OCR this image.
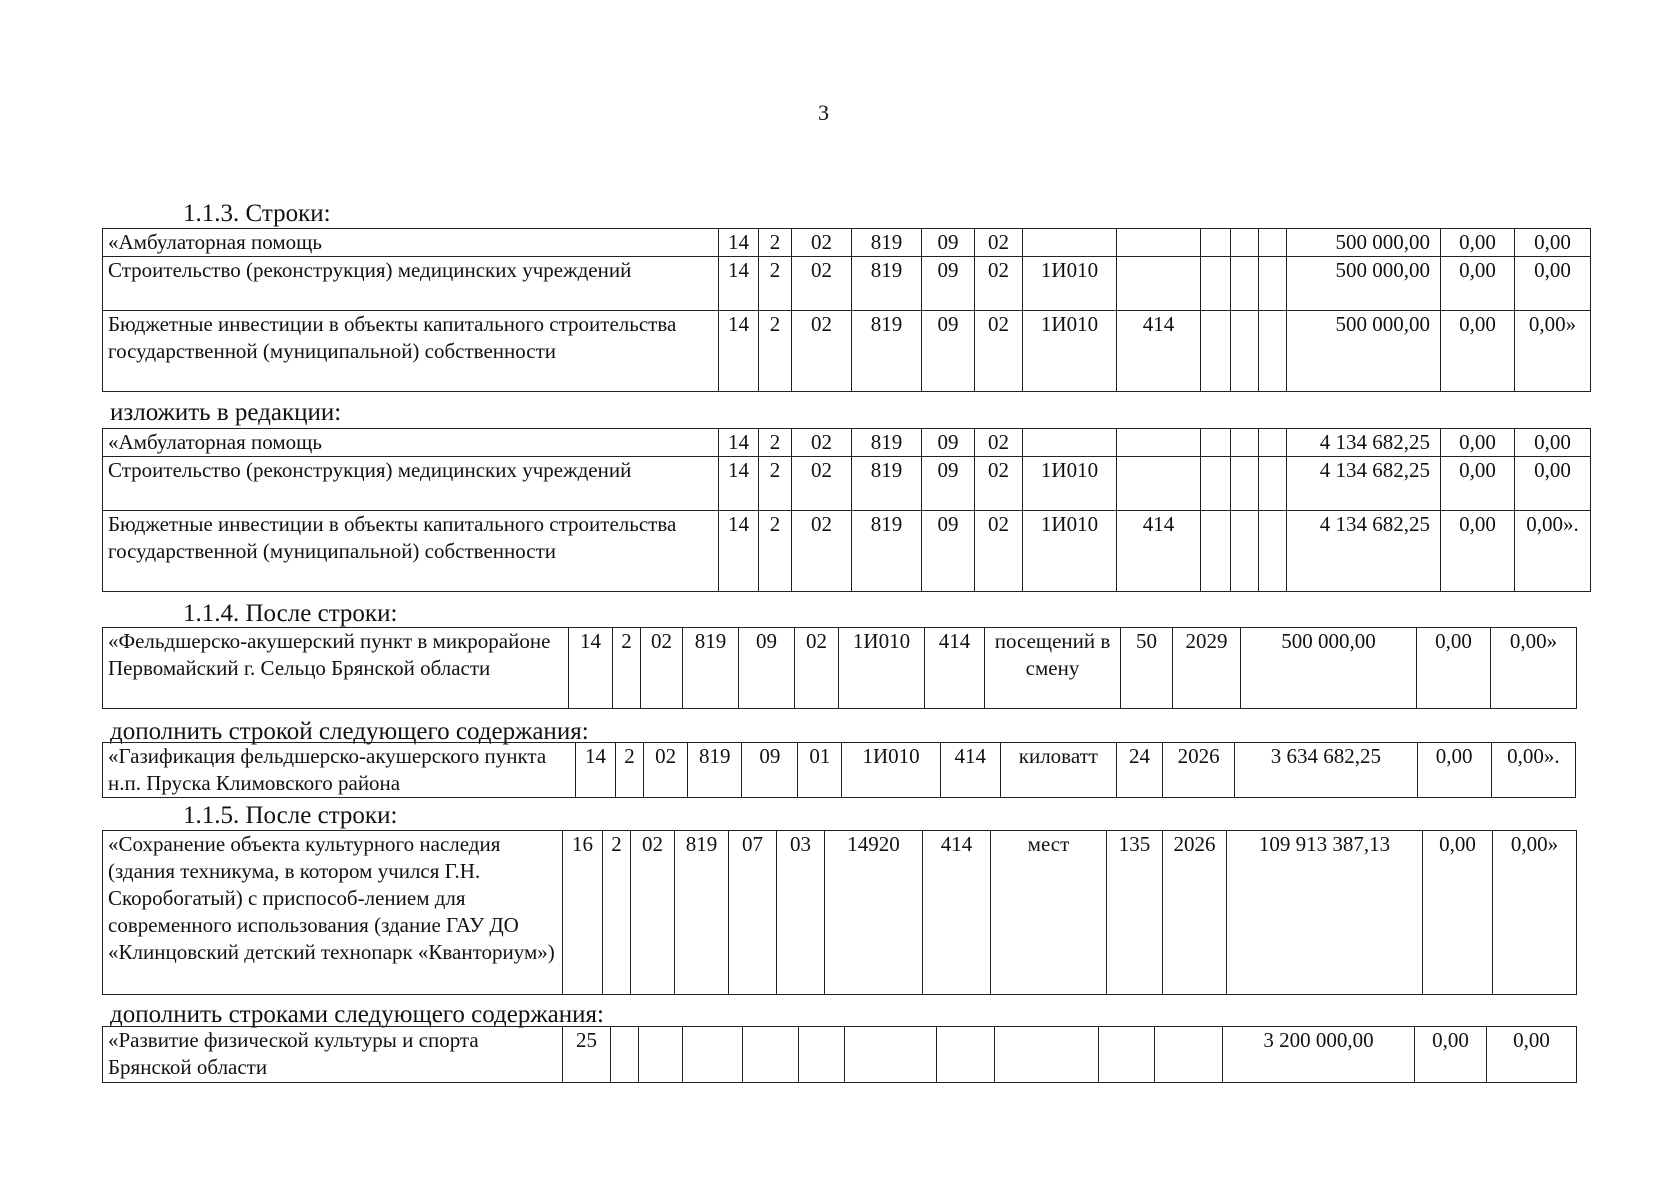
3
1.1.3. Строки:
«Амбулаторная помощь	14	2	02	819	09	02						500 000,00	0,00	0,00
Строительство (реконструкция) медицинских учреждений	14	2	02	819	09	02	1И010					500 000,00	0,00	0,00
Бюджетные инвестиции в объекты капитального строительства государственной (муниципальной) собственности	14	2	02	819	09	02	1И010	414				500 000,00	0,00	0,00»
изложить в редакции:
«Амбулаторная помощь	14	2	02	819	09	02						4 134 682,25	0,00	0,00
Строительство (реконструкция) медицинских учреждений	14	2	02	819	09	02	1И010					4 134 682,25	0,00	0,00
Бюджетные инвестиции в объекты капитального строительства государственной (муниципальной) собственности	14	2	02	819	09	02	1И010	414				4 134 682,25	0,00	0,00».
1.1.4. После строки:
«Фельдшерско-акушерский пункт в микрорайоне Первомайский г. Сельцо Брянской области	14	2	02	819	09	02	1И010	414	посещений в смену	50	2029	500 000,00	0,00	0,00»
дополнить строкой следующего содержания:
«Газификация фельдшерско-акушерского пункта н.п. Пруска Климовского района	14	2	02	819	09	01	1И010	414	киловатт	24	2026	3 634 682,25	0,00	0,00».
1.1.5. После строки:
«Сохранение объекта культурного наследия (здания техникума, в котором учился Г.Н. Скоробогатый) с приспособ-лением для современного использования (здание ГАУ ДО «Клинцовский детский технопарк «Кванториум»)	16	2	02	819	07	03	14920	414	мест	135	2026	109 913 387,13	0,00	0,00»
дополнить строками следующего содержания:
«Развитие физической культуры и спорта Брянской области	25											3 200 000,00	0,00	0,00
